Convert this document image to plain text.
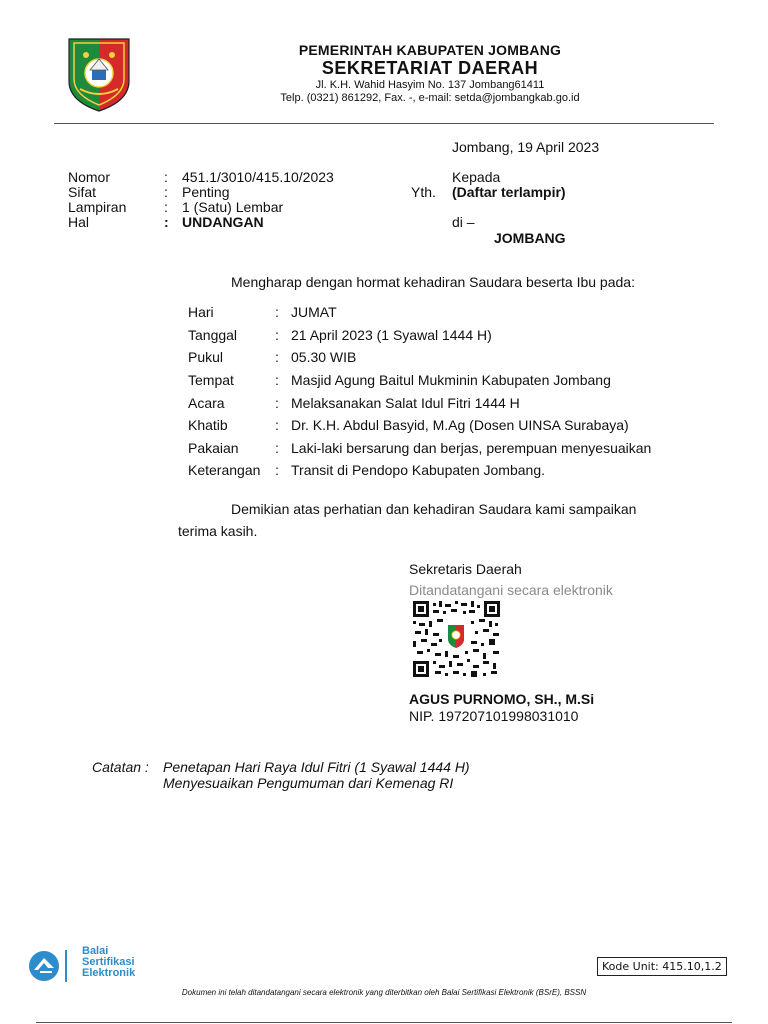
PEMERINTAH KABUPATEN JOMBANG
SEKRETARIAT DAERAH
Jl. K.H. Wahid Hasyim No. 137 Jombang61411
Telp. (0321) 861292, Fax. -, e-mail: setda@jombangkab.go.id
Jombang, 19 April 2023
Nomor	: 451.1/3010/415.10/2023
Sifat	: Penting
Lampiran	: 1 (Satu) Lembar
Hal	: UNDANGAN
Kepada
Yth. (Daftar terlampir)
di –
JOMBANG
Mengharap dengan hormat kehadiran Saudara beserta Ibu pada:
Hari	: JUMAT
Tanggal	: 21 April 2023 (1 Syawal 1444 H)
Pukul	: 05.30 WIB
Tempat	: Masjid Agung Baitul Mukminin Kabupaten Jombang
Acara	: Melaksanakan Salat Idul Fitri 1444 H
Khatib	: Dr. K.H. Abdul Basyid, M.Ag (Dosen UINSA Surabaya)
Pakaian	: Laki-laki bersarung dan berjas, perempuan menyesuaikan
Keterangan : Transit di Pendopo Kabupaten Jombang.
Demikian atas perhatian dan kehadiran Saudara kami sampaikan
terima kasih.
Sekretaris Daerah
Ditandatangani secara elektronik
AGUS PURNOMO, SH., M.Si
NIP. 197207101998031010
Catatan : Penetapan Hari Raya Idul Fitri (1 Syawal 1444 H)
Menyesuaikan Pengumuman dari Kemenag RI
Balai
Sertifikasi
Elektronik	Kode Unit: 415.10,1.2
Dokumen ini telah ditandatangani secara elektronik yang diterbitkan oleh Balai Sertifikasi Elektronik (BSrE), BSSN
